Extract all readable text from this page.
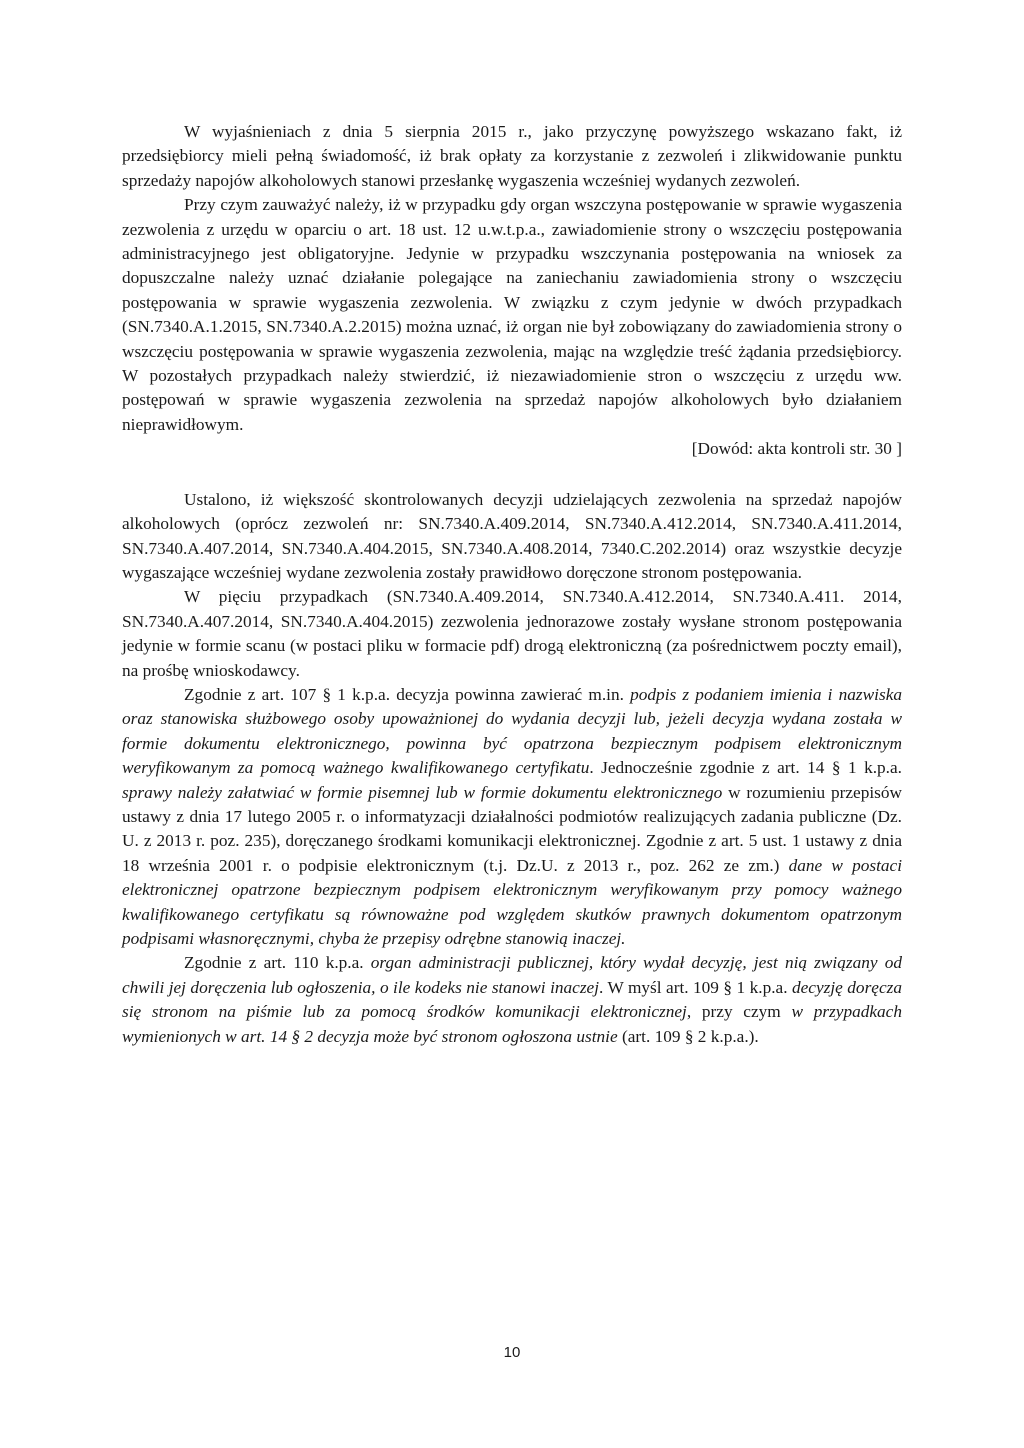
W wyjaśnieniach z dnia 5 sierpnia 2015 r., jako przyczynę powyższego wskazano fakt, iż przedsiębiorcy mieli pełną świadomość, iż brak opłaty za korzystanie z zezwoleń i zlikwidowanie punktu sprzedaży napojów alkoholowych stanowi przesłankę wygaszenia wcześniej wydanych zezwoleń.

Przy czym zauważyć należy, iż w przypadku gdy organ wszczyna postępowanie w sprawie wygaszenia zezwolenia z urzędu w oparciu o art. 18 ust. 12 u.w.t.p.a., zawiadomienie strony o wszczęciu postępowania administracyjnego jest obligatoryjne. Jedynie w przypadku wszczynania postępowania na wniosek za dopuszczalne należy uznać działanie polegające na zaniechaniu zawiadomienia strony o wszczęciu postępowania w sprawie wygaszenia zezwolenia. W związku z czym jedynie w dwóch przypadkach (SN.7340.A.1.2015, SN.7340.A.2.2015) można uznać, iż organ nie był zobowiązany do zawiadomienia strony o wszczęciu postępowania w sprawie wygaszenia zezwolenia, mając na względzie treść żądania przedsiębiorcy. W pozostałych przypadkach należy stwierdzić, iż niezawiadomienie stron o wszczęciu z urzędu ww. postępowań w sprawie wygaszenia zezwolenia na sprzedaż napojów alkoholowych było działaniem nieprawidłowym.

[Dowód: akta kontroli str. 30 ]

Ustalono, iż większość skontrolowanych decyzji udzielających zezwolenia na sprzedaż napojów alkoholowych (oprócz zezwoleń nr: SN.7340.A.409.2014, SN.7340.A.412.2014, SN.7340.A.411.2014, SN.7340.A.407.2014, SN.7340.A.404.2015, SN.7340.A.408.2014, 7340.C.202.2014) oraz wszystkie decyzje wygaszające wcześniej wydane zezwolenia zostały prawidłowo doręczone stronom postępowania.

W pięciu przypadkach (SN.7340.A.409.2014, SN.7340.A.412.2014, SN.7340.A.411. 2014, SN.7340.A.407.2014, SN.7340.A.404.2015) zezwolenia jednorazowe zostały wysłane stronom postępowania jedynie w formie scanu (w postaci pliku w formacie pdf) drogą elektroniczną (za pośrednictwem poczty email), na prośbę wnioskodawcy.

Zgodnie z art. 107 § 1 k.p.a. decyzja powinna zawierać m.in. podpis z podaniem imienia i nazwiska oraz stanowiska służbowego osoby upoważnionej do wydania decyzji lub, jeżeli decyzja wydana została w formie dokumentu elektronicznego, powinna być opatrzona bezpiecznym podpisem elektronicznym weryfikowanym za pomocą ważnego kwalifikowanego certyfikatu. Jednocześnie zgodnie z art. 14 § 1 k.p.a. sprawy należy załatwiać w formie pisemnej lub w formie dokumentu elektronicznego w rozumieniu przepisów ustawy z dnia 17 lutego 2005 r. o informatyzacji działalności podmiotów realizujących zadania publiczne (Dz. U. z 2013 r. poz. 235), doręczanego środkami komunikacji elektronicznej. Zgodnie z art. 5 ust. 1 ustawy z dnia 18 września 2001 r. o podpisie elektronicznym (t.j. Dz.U. z 2013 r., poz. 262 ze zm.) dane w postaci elektronicznej opatrzone bezpiecznym podpisem elektronicznym weryfikowanym przy pomocy ważnego kwalifikowanego certyfikatu są równoważne pod względem skutków prawnych dokumentom opatrzonym podpisami własnoręcznymi, chyba że przepisy odrębne stanowią inaczej.

Zgodnie z art. 110 k.p.a. organ administracji publicznej, który wydał decyzję, jest nią związany od chwili jej doręczenia lub ogłoszenia, o ile kodeks nie stanowi inaczej. W myśl art. 109 § 1 k.p.a. decyzję doręcza się stronom na piśmie lub za pomocą środków komunikacji elektronicznej, przy czym w przypadkach wymienionych w art. 14 § 2 decyzja może być stronom ogłoszona ustnie (art. 109 § 2 k.p.a.).

10
